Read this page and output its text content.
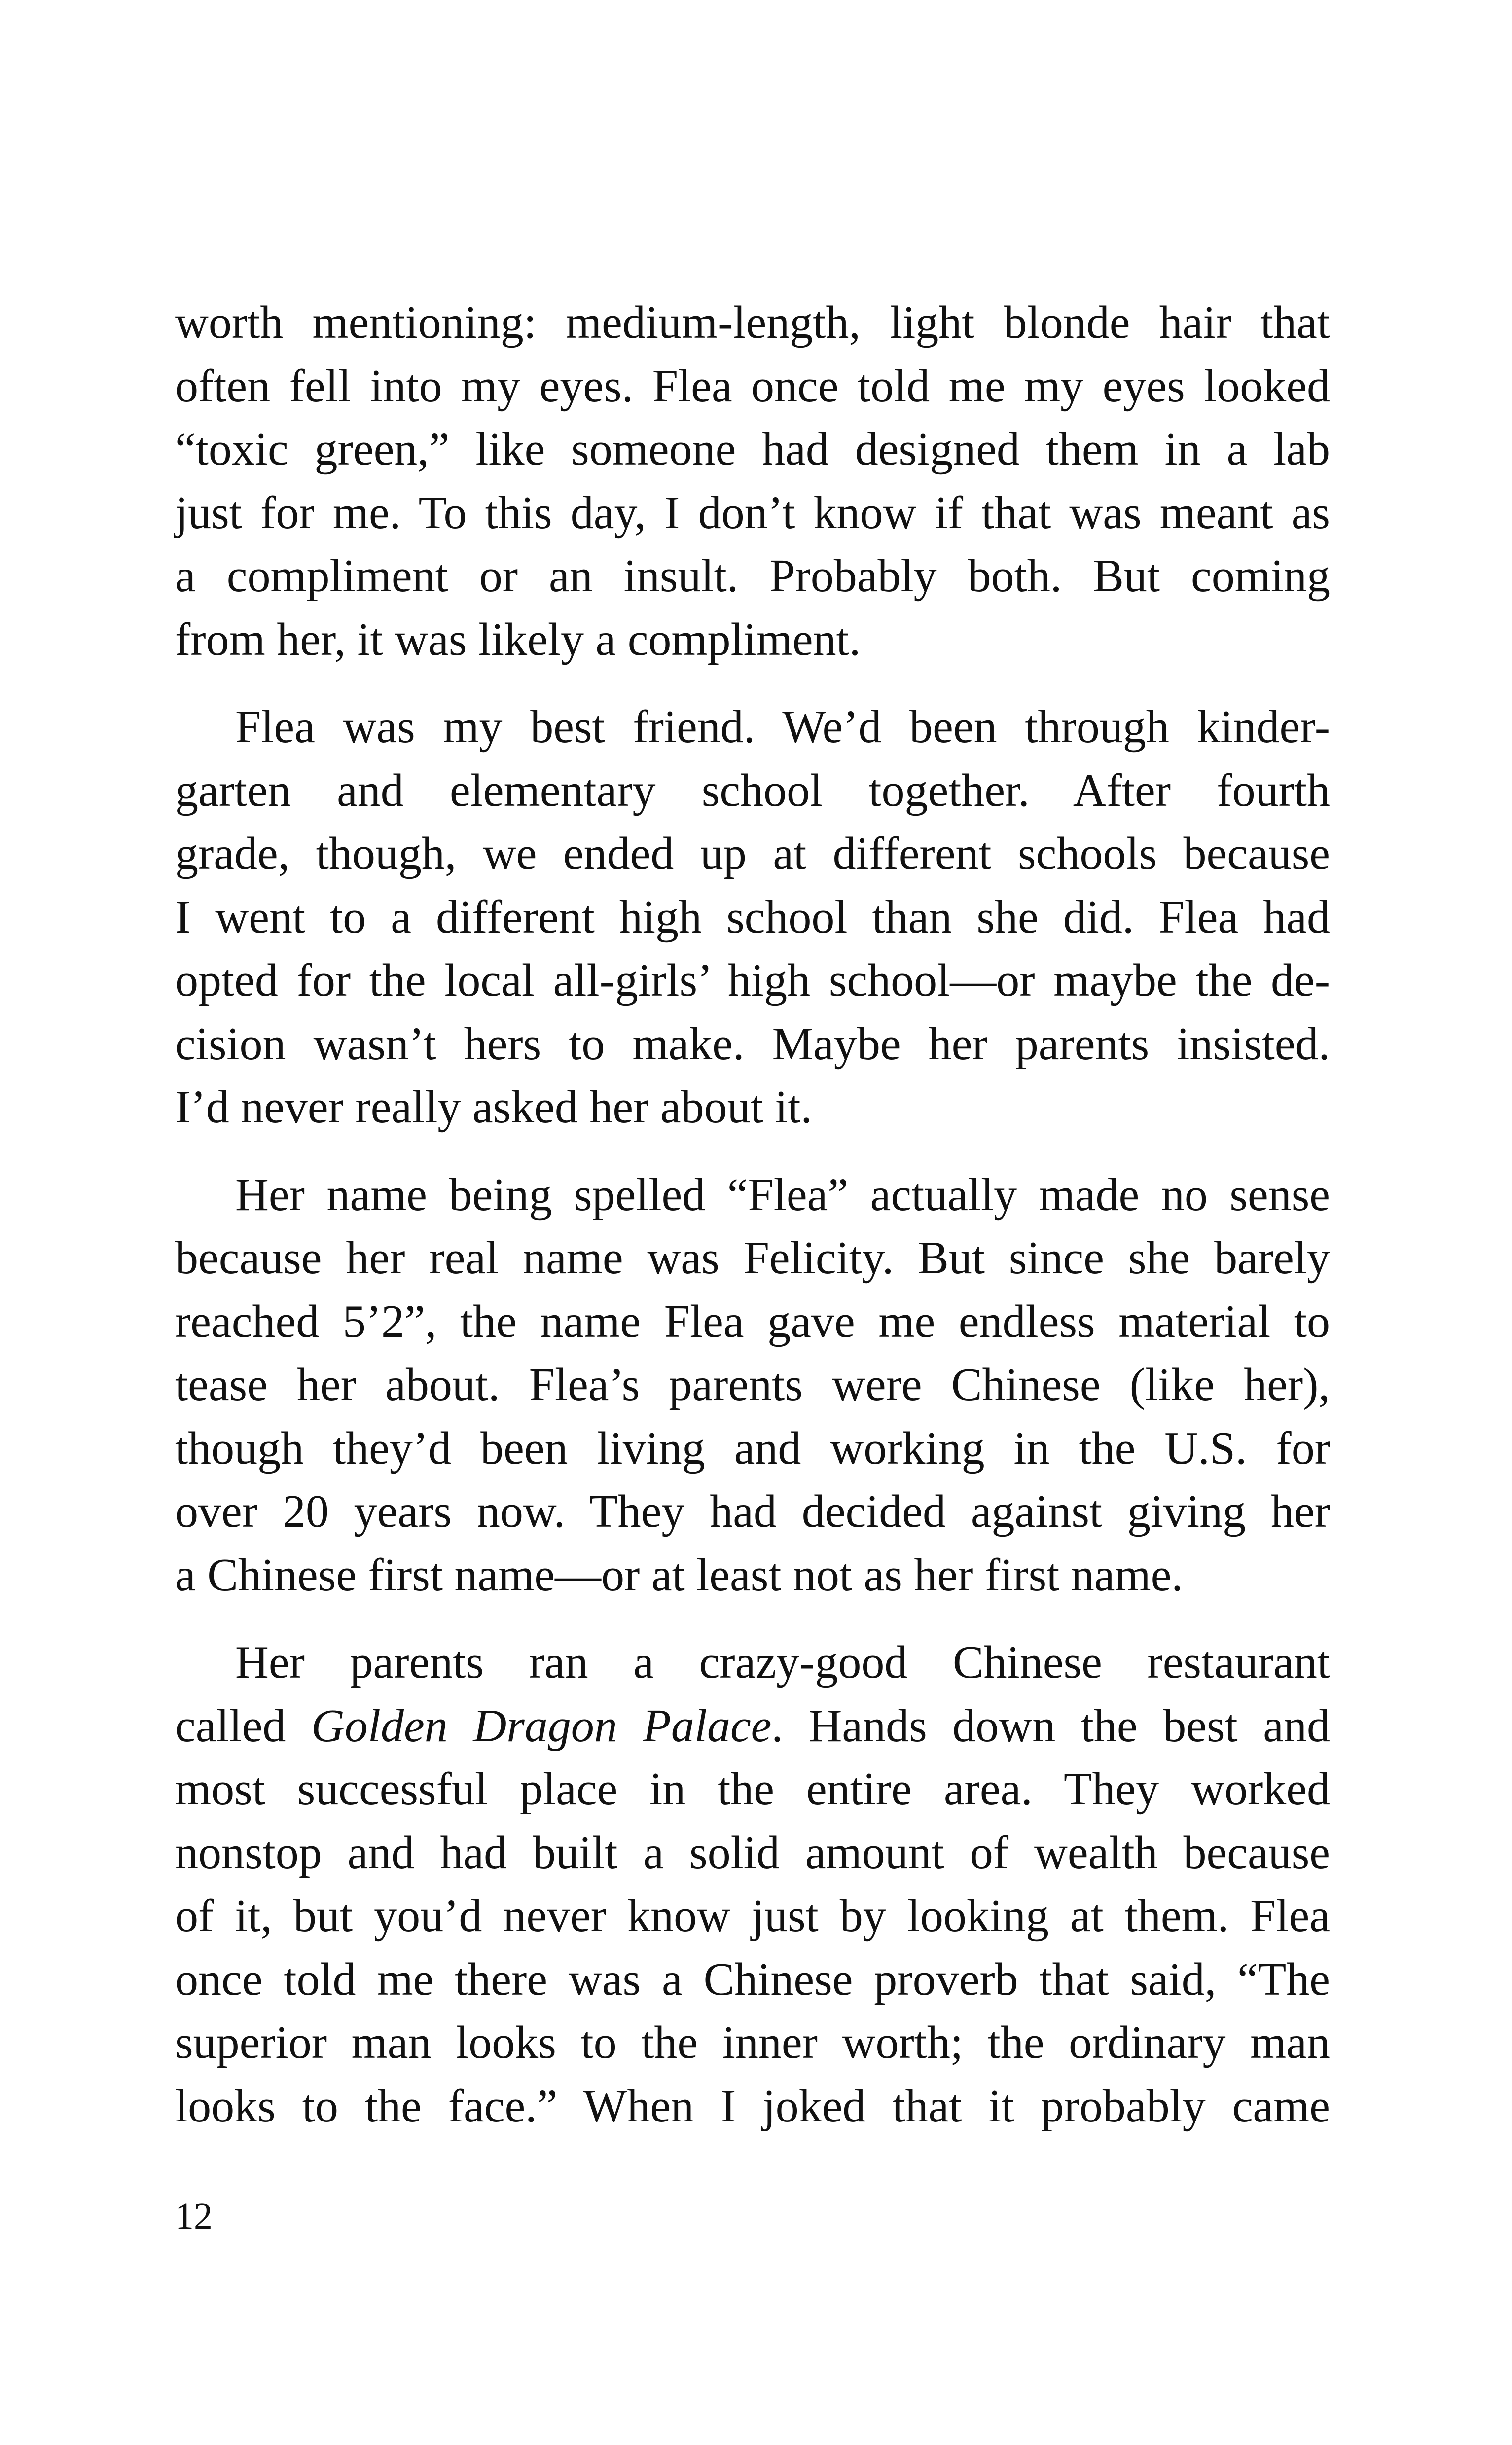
worth mentioning: medium-length, light blonde hair that
often fell into my eyes. Flea once told me my eyes looked
“toxic green,” like someone had designed them in a lab
just for me. To this day, I don’t know if that was meant as
a compliment or an insult. Probably both. But coming
from her, it was likely a compliment.
Flea was my best friend. We’d been through kinder-
garten and elementary school together. After fourth
grade, though, we ended up at different schools because
I went to a different high school than she did. Flea had
opted for the local all-girls’ high school—or maybe the de-
cision wasn’t hers to make. Maybe her parents insisted.
I’d never really asked her about it.
Her name being spelled “Flea” actually made no sense
because her real name was Felicity. But since she barely
reached 5’2”, the name Flea gave me endless material to
tease her about. Flea’s parents were Chinese (like her),
though they’d been living and working in the U.S. for
over 20 years now. They had decided against giving her
a Chinese first name—or at least not as her first name.
Her parents ran a crazy-good Chinese restaurant
called Golden Dragon Palace. Hands down the best and
most successful place in the entire area. They worked
nonstop and had built a solid amount of wealth because
of it, but you’d never know just by looking at them. Flea
once told me there was a Chinese proverb that said, “The
superior man looks to the inner worth; the ordinary man
looks to the face.” When I joked that it probably came
12
